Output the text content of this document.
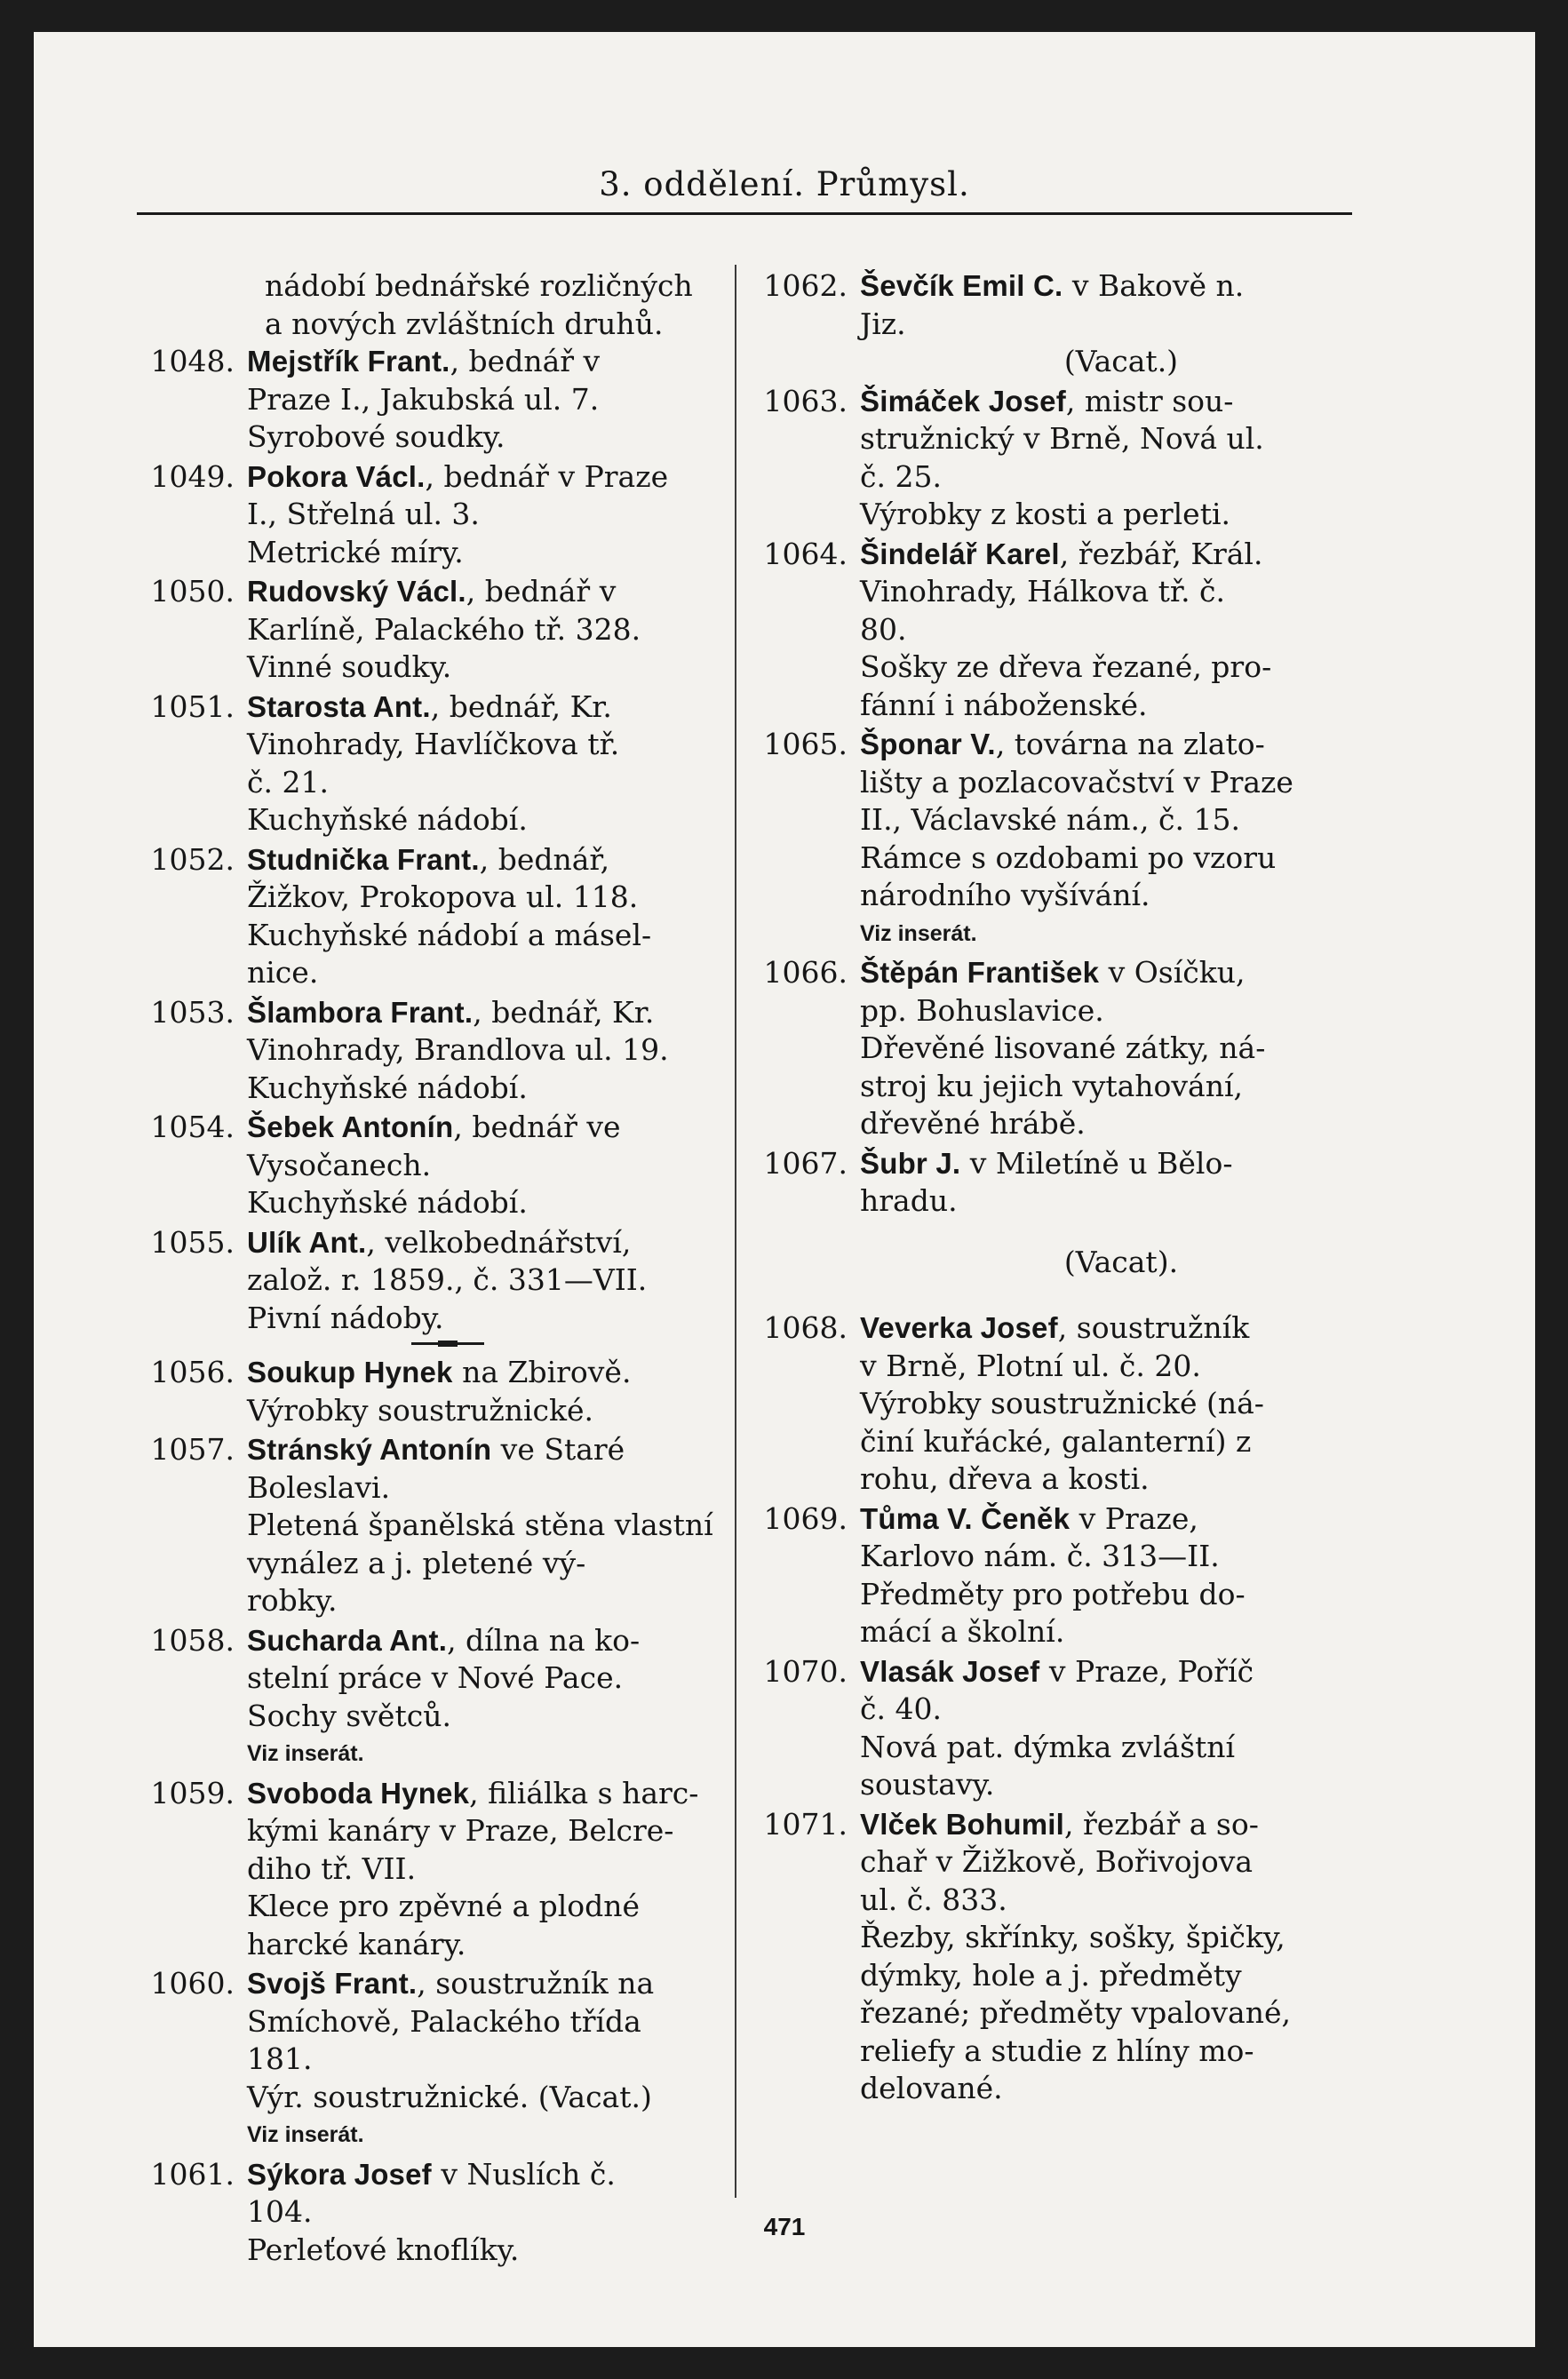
3. oddělení. Průmysl.
nádobí bednářské rozličných
a nových zvláštních druhů.
1048. Mejstřík Frant., bednář v
Praze I., Jakubská ul. 7.
Syrobové soudky.
1049. Pokora Václ., bednář v Praze
I., Střelná ul. 3.
Metrické míry.
1050. Rudovský Václ., bednář v
Karlíně, Palackého tř. 328.
Vinné soudky.
1051. Starosta Ant., bednář, Kr.
Vinohrady, Havlíčkova tř.
č. 21.
Kuchyňské nádobí.
1052. Studnička Frant., bednář,
Žižkov, Prokopova ul. 118.
Kuchyňské nádobí a másel-
nice.
1053. Šlambora Frant., bednář, Kr.
Vinohrady, Brandlova ul. 19.
Kuchyňské nádobí.
1054. Šebek Antonín, bednář ve
Vysočanech.
Kuchyňské nádobí.
1055. Ulík Ant., velkobednářství,
založ. r. 1859., č. 331—VII.
Pivní nádoby.
1056. Soukup Hynek na Zbirově.
Výrobky soustružnické.
1057. Stránský Antonín ve Staré
Boleslavi.
Pletená španělská stěna vlastní
vynález a j. pletené vý-
robky.
1058. Sucharda Ant., dílna na ko-
stelní práce v Nové Pace.
Sochy světců.
Viz inserát.
1059. Svoboda Hynek, filiálka s harc-
kými kanáry v Praze, Belcre-
diho tř. VII.
Klece pro zpěvné a plodné
harcké kanáry.
1060. Svojš Frant., soustružník na
Smíchově, Palackého třída
181.
Výr. soustružnické. (Vacat.)
Viz inserát.
1061. Sýkora Josef v Nuslích č.
104.
Perleťové knoflíky.
1062. Ševčík Emil C. v Bakově n.
Jiz.
(Vacat.)
1063. Šimáček Josef, mistr sou-
stružnický v Brně, Nová ul.
č. 25.
Výrobky z kosti a perleti.
1064. Šindelář Karel, řezbář, Král.
Vinohrady, Hálkova tř. č.
80.
Sošky ze dřeva řezané, pro-
fánní i náboženské.
1065. Šponar V., továrna na zlato-
lišty a pozlacovačství v Praze
II., Václavské nám., č. 15.
Rámce s ozdobami po vzoru
národního vyšívání.
Viz inserát.
1066. Štěpán František v Osíčku,
pp. Bohuslavice.
Dřevěné lisované zátky, ná-
stroj ku jejich vytahování,
dřevěné hrábě.
1067. Šubr J. v Miletíně u Bělo-
hradu.
(Vacat).
1068. Veverka Josef, soustružník
v Brně, Plotní ul. č. 20.
Výrobky soustružnické (ná-
činí kuřácké, galanterní) z
rohu, dřeva a kosti.
1069. Tůma V. Čeněk v Praze,
Karlovo nám. č. 313—II.
Předměty pro potřebu do-
mácí a školní.
1070. Vlasák Josef v Praze, Poříč
č. 40.
Nová pat. dýmka zvláštní
soustavy.
1071. Vlček Bohumil, řezbář a so-
chař v Žižkově, Bořivojova
ul. č. 833.
Řezby, skřínky, sošky, špičky,
dýmky, hole a j. předměty
řezané; předměty vpalované,
reliefy a studie z hlíny mo-
delované.
471
